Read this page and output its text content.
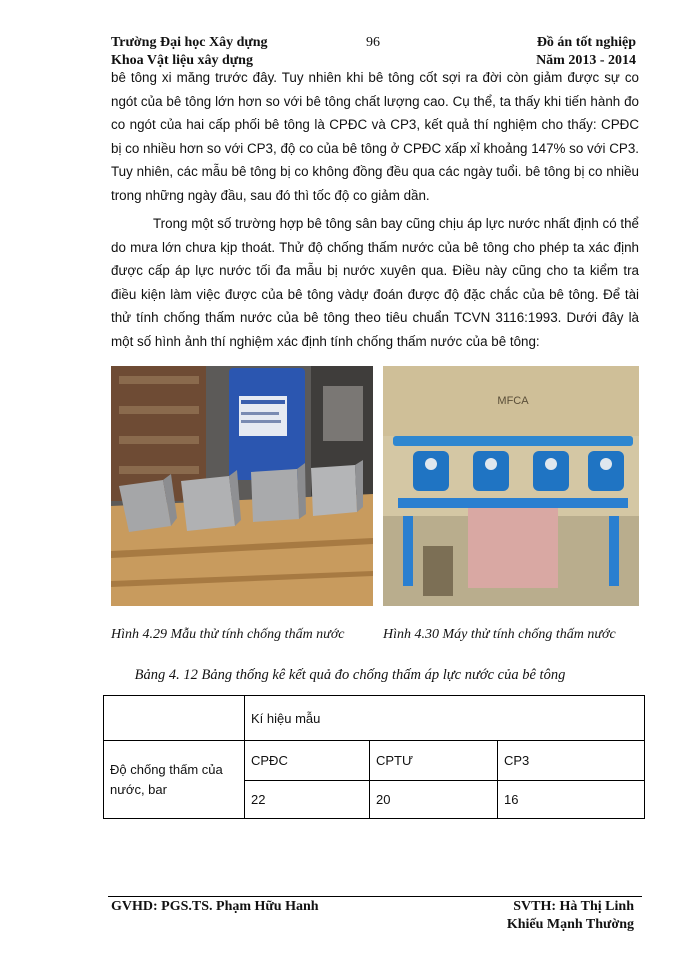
Trường Đại học Xây dựng
Khoa Vật liệu xây dựng
96	Đồ án tốt nghiệp
Năm 2013 - 2014

bê tông xi măng trước đây. Tuy nhiên khi bê tông cốt sợi ra đời còn giảm được sự co ngót của bê tông lớn hơn so với bê tông chất lượng cao. Cụ thể, ta thấy khi tiến hành đo co ngót của hai cấp phối bê tông là CPĐC và CP3, kết quả thí nghiệm cho thấy: CPĐC bị co nhiều hơn so với CP3, độ co của bê tông ở CPĐC xấp xỉ khoảng 147% so với CP3. Tuy nhiên, các mẫu bê tông bị co không đồng đều qua các ngày tuổi. bê tông bị co nhiều trong những ngày đầu, sau đó thì tốc độ co giảm dần.

Trong một số trường hợp bê tông sân bay cũng chịu áp lực nước nhất định có thể do mưa lớn chưa kịp thoát. Thử độ chống thấm nước của bê tông cho phép ta xác định được cấp áp lực nước tối đa mẫu bị nước xuyên qua. Điều này cũng cho ta kiểm tra điều kiện làm việc được của bê tông vàdự đoán được độ đặc chắc của bê tông. Để tài thử tính chống thấm nước của bê tông theo tiêu chuẩn TCVN 3116:1993. Dưới đây là một số hình ảnh thí nghiệm xác định tính chống thấm nước của bê tông:

MFCA
Hình 4.29 Mẫu thử tính chống thấm nước	Hình 4.30 Máy thử tính chống thấm nước
Bảng 4. 12 Bảng thống kê kết quả đo chống thấm áp lực nước của bê tông
	Kí hiệu mẫu		
Độ chống thấm của nước, bar	CPĐC	CPTƯ	CP3
	22	20	16
GVHD: PGS.TS. Phạm Hữu Hanh	SVTH: Hà Thị Linh
Khiếu Mạnh Thường
